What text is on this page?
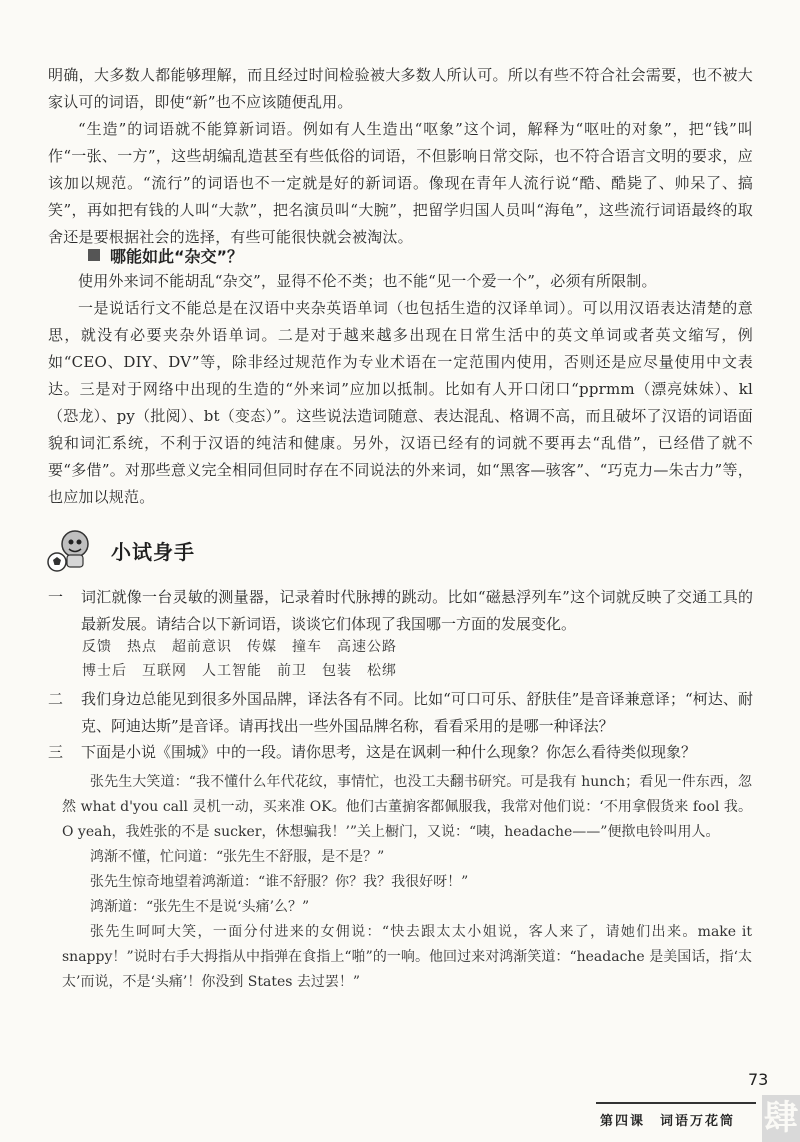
明确，大多数人都能够理解，而且经过时间检验被大多数人所认可。所以有些不符合社会需要，也不被大家认可的词语，即使“新”也不应该随便乱用。
“生造”的词语就不能算新词语。例如有人生造出“呕象”这个词，解释为“呕吐的对象”，把“钱”叫作“一张、一方”，这些胡编乱造甚至有些低俗的词语，不但影响日常交际，也不符合语言文明的要求，应该加以规范。“流行”的词语也不一定就是好的新词语。像现在青年人流行说“酷、酷毙了、帅呆了、搞笑”，再如把有钱的人叫“大款”，把名演员叫“大腕”，把留学归国人员叫“海龟”，这些流行词语最终的取舍还是要根据社会的选择，有些可能很快就会被淘汰。
哪能如此“杂交”？
使用外来词不能胡乱“杂交”，显得不伦不类；也不能“见一个爱一个”，必须有所限制。
一是说话行文不能总是在汉语中夹杂英语单词（也包括生造的汉译单词）。可以用汉语表达清楚的意思，就没有必要夹杂外语单词。二是对于越来越多出现在日常生活中的英文单词或者英文缩写，例如“CEO、DIY、DV”等，除非经过规范作为专业术语在一定范围内使用，否则还是应尽量使用中文表达。三是对于网络中出现的生造的“外来词”应加以抵制。比如有人开口闭口“pprmm（漂亮妹妹）、kl（恐龙）、py（批阅）、bt（变态）”。这些说法造词随意、表达混乱、格调不高，而且破坏了汉语的词语面貌和词汇系统，不利于汉语的纯洁和健康。另外，汉语已经有的词就不要再去“乱借”，已经借了就不要“多借”。对那些意义完全相同但同时存在不同说法的外来词，如“黑客—骇客”、“巧克力—朱古力”等，也应加以规范。
小试身手
一	词汇就像一台灵敏的测量器，记录着时代脉搏的跳动。比如“磁悬浮列车”这个词就反映了交通工具的最新发展。请结合以下新词语，谈谈它们体现了我国哪一方面的发展变化。
反馈　热点　超前意识　传媒　撞车　高速公路
博士后　互联网　人工智能　前卫　包装　松绑
二	我们身边总能见到很多外国品牌，译法各有不同。比如“可口可乐、舒肤佳”是音译兼意译；“柯达、耐克、阿迪达斯”是音译。请再找出一些外国品牌名称，看看采用的是哪一种译法？
三	下面是小说《围城》中的一段。请你思考，这是在讽刺一种什么现象？你怎么看待类似现象？

张先生大笑道：“我不懂什么年代花纹，事情忙，也没工夫翻书研究。可是我有 hunch；看见一件东西，忽然 what d'you call 灵机一动，买来准 OK。他们古董掮客都佩服我，我常对他们说：‘不用拿假货来 fool 我。O yeah，我姓张的不是 sucker，休想骗我！’”关上橱门，又说：“咦，headache——”便揿电铃叫用人。

鸿渐不懂，忙问道：“张先生不舒服，是不是？”

张先生惊奇地望着鸿渐道：“谁不舒服？你？我？我很好呀！”

鸿渐道：“张先生不是说‘头痛’么？”

张先生呵呵大笑，一面分付进来的女佣说：“快去跟太太小姐说，客人来了，请她们出来。make it snappy！”说时右手大拇指从中指弹在食指上“啪”的一响。他回过来对鸿渐笑道：“headache 是美国话，指‘太太’而说，不是‘头痛’！你没到 States 去过罢！”

73
第四课　词语万花筒 肆
